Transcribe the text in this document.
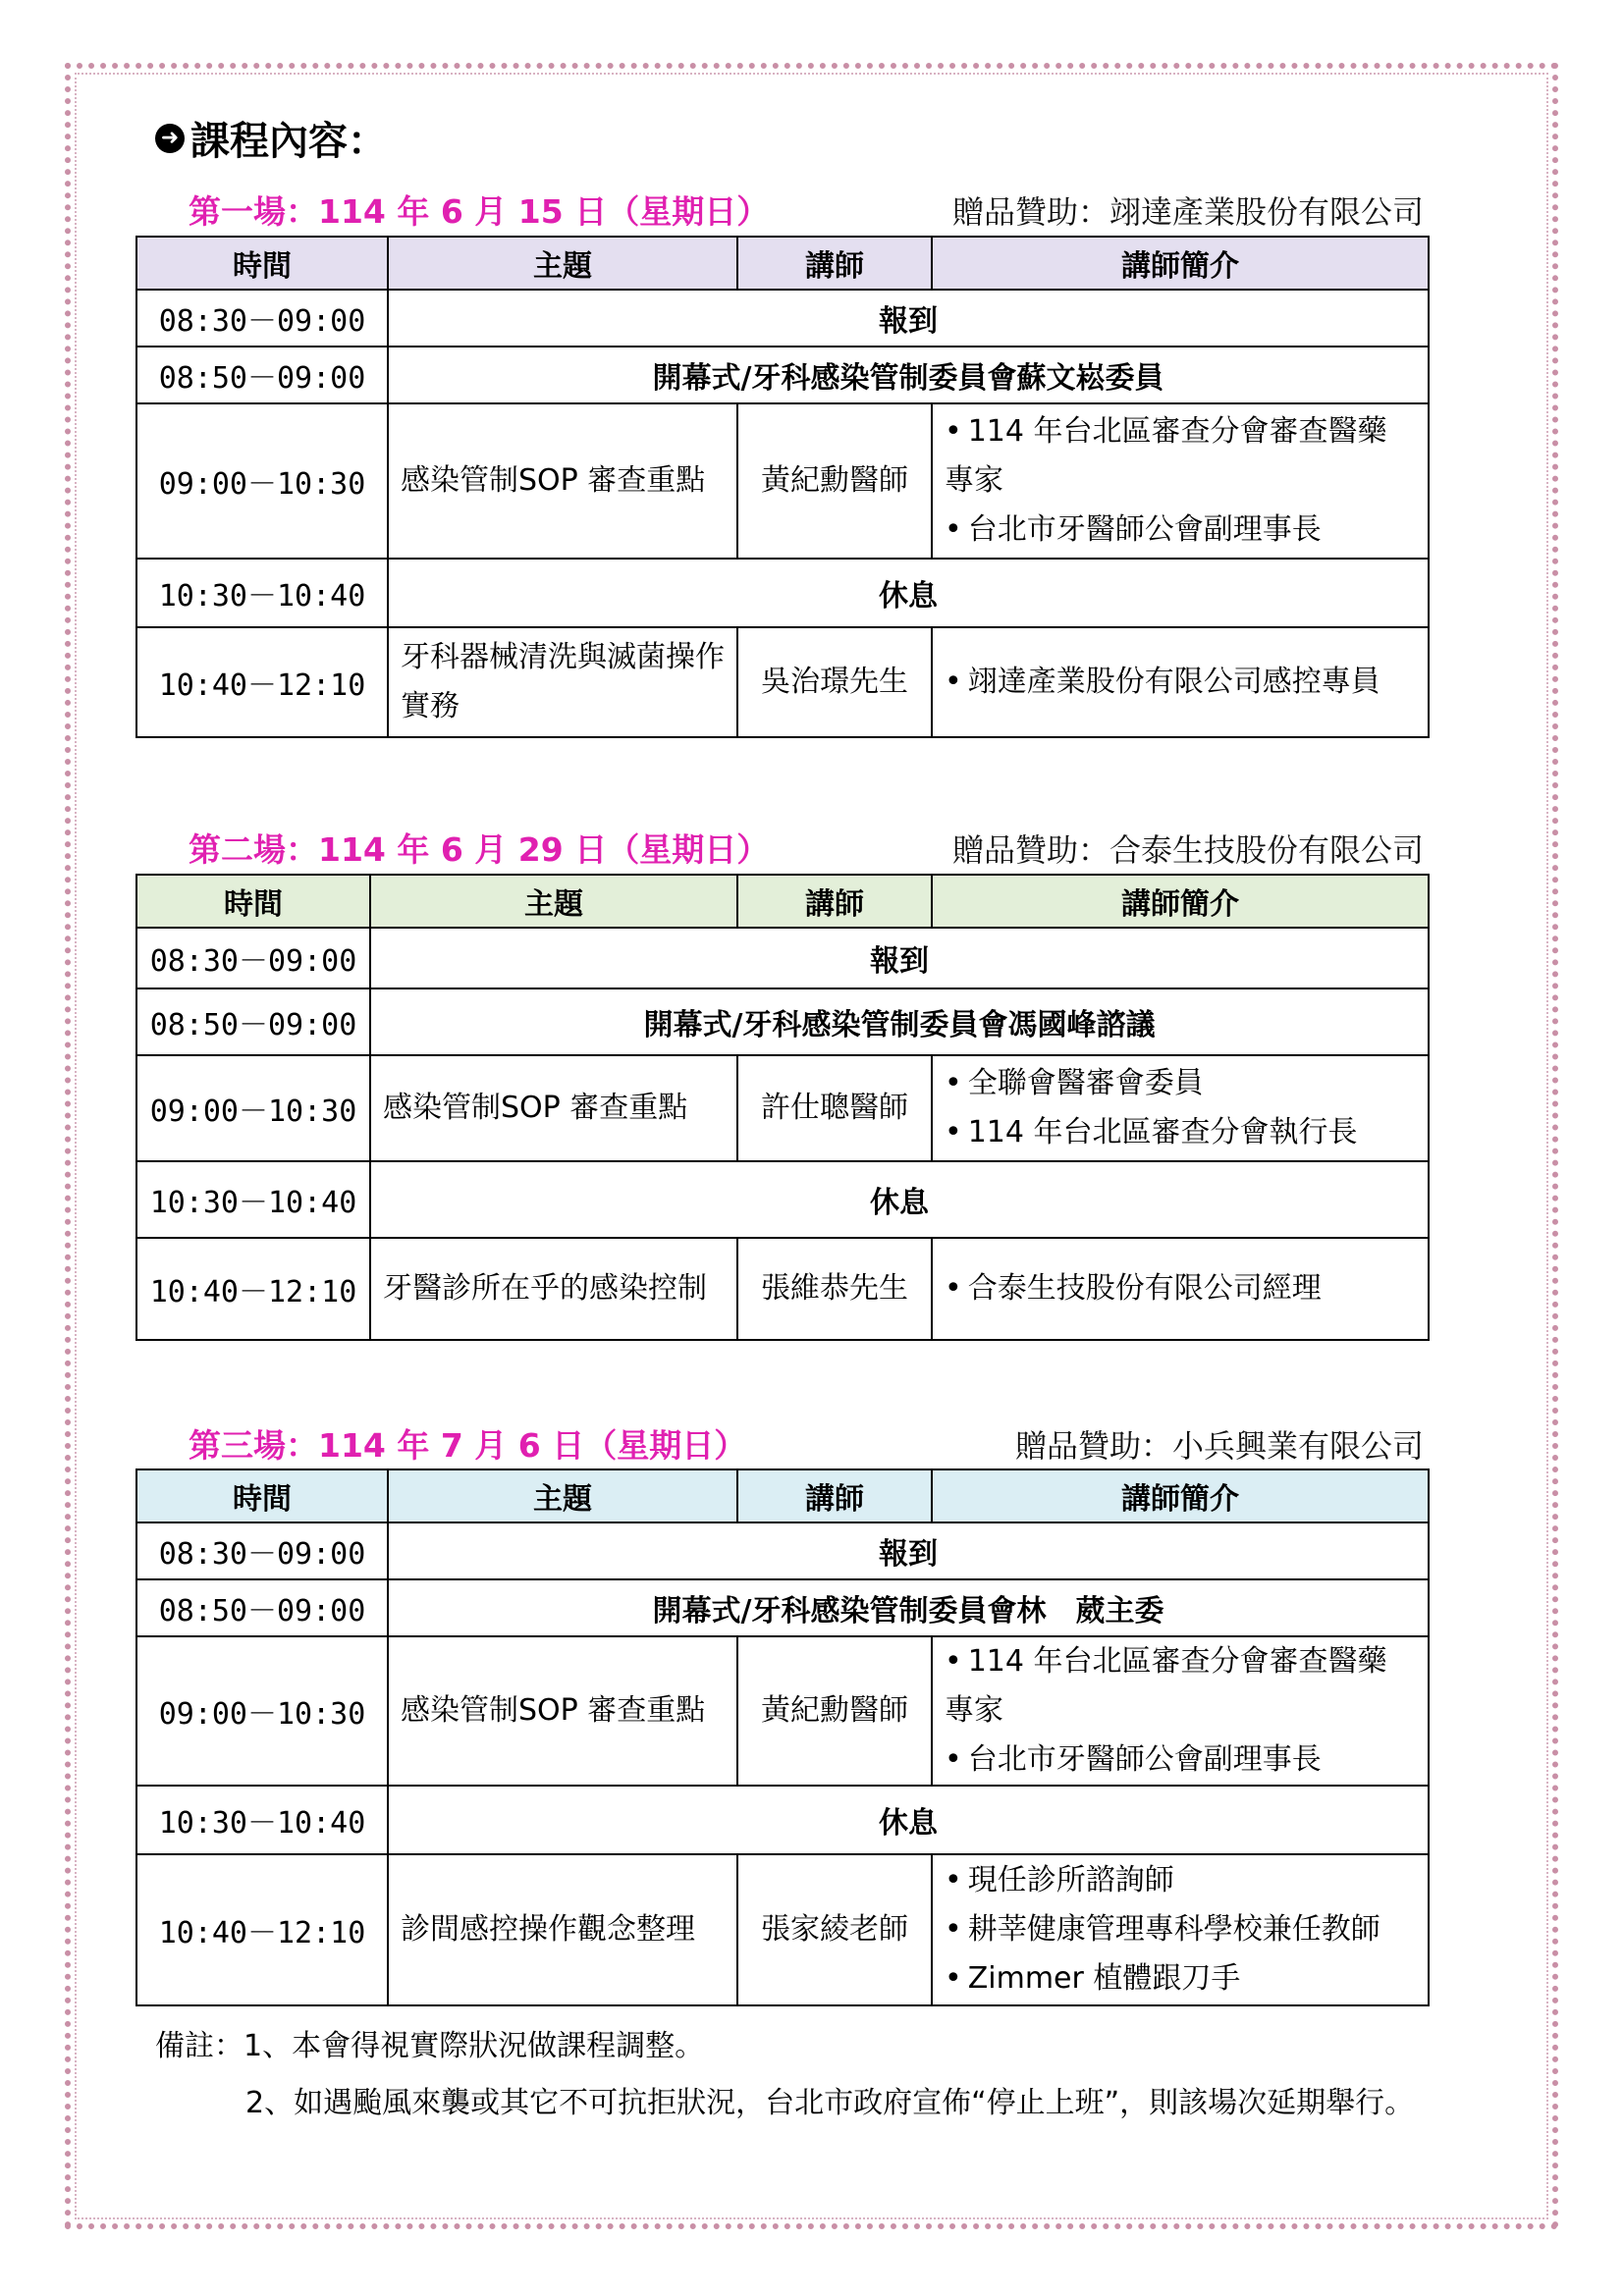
➜ 課程內容：
第一場：114 年 6 月 15 日（星期日）	贈品贊助：翊達產業股份有限公司
時間	主題	講師	講師簡介
08:30－09:00	報到		
08:50－09:00	開幕式/牙科感染管制委員會蘇文崧委員		
09:00－10:30	感染管制SOP 審查重點	黃紀勳醫師	• 114 年台北區審查分會審查醫藥專家
• 台北市牙醫師公會副理事長

10:30－10:40	休息		
10:40－12:10	牙科器械清洗與滅菌操作實務	吳治璟先生	• 翊達產業股份有限公司感控專員
第二場：114 年 6 月 29 日（星期日）	贈品贊助：合泰生技股份有限公司
時間	主題	講師	講師簡介
08:30－09:00	報到		
08:50－09:00	開幕式/牙科感染管制委員會馮國峰諮議		
09:00－10:30	感染管制SOP 審查重點	許仕聰醫師	• 全聯會醫審會委員
• 114 年台北區審查分會執行長

10:30－10:40	休息		
10:40－12:10	牙醫診所在乎的感染控制	張維恭先生	• 合泰生技股份有限公司經理
第三場：114 年 7 月 6 日（星期日）	贈品贊助：小兵興業有限公司
時間	主題	講師	講師簡介
08:30－09:00	報到		
08:50－09:00	開幕式/牙科感染管制委員會林　葳主委		
09:00－10:30	感染管制SOP 審查重點	黃紀勳醫師	• 114 年台北區審查分會審查醫藥專家
• 台北市牙醫師公會副理事長

10:30－10:40	休息		
10:40－12:10	診間感控操作觀念整理	張家綾老師	• 現任診所諮詢師
• 耕莘健康管理專科學校兼任教師
• Zimmer 植體跟刀手
備註：1、本會得視實際狀況做課程調整。
2、如遇颱風來襲或其它不可抗拒狀況，台北市政府宣佈“停止上班”，則該場次延期舉行。
